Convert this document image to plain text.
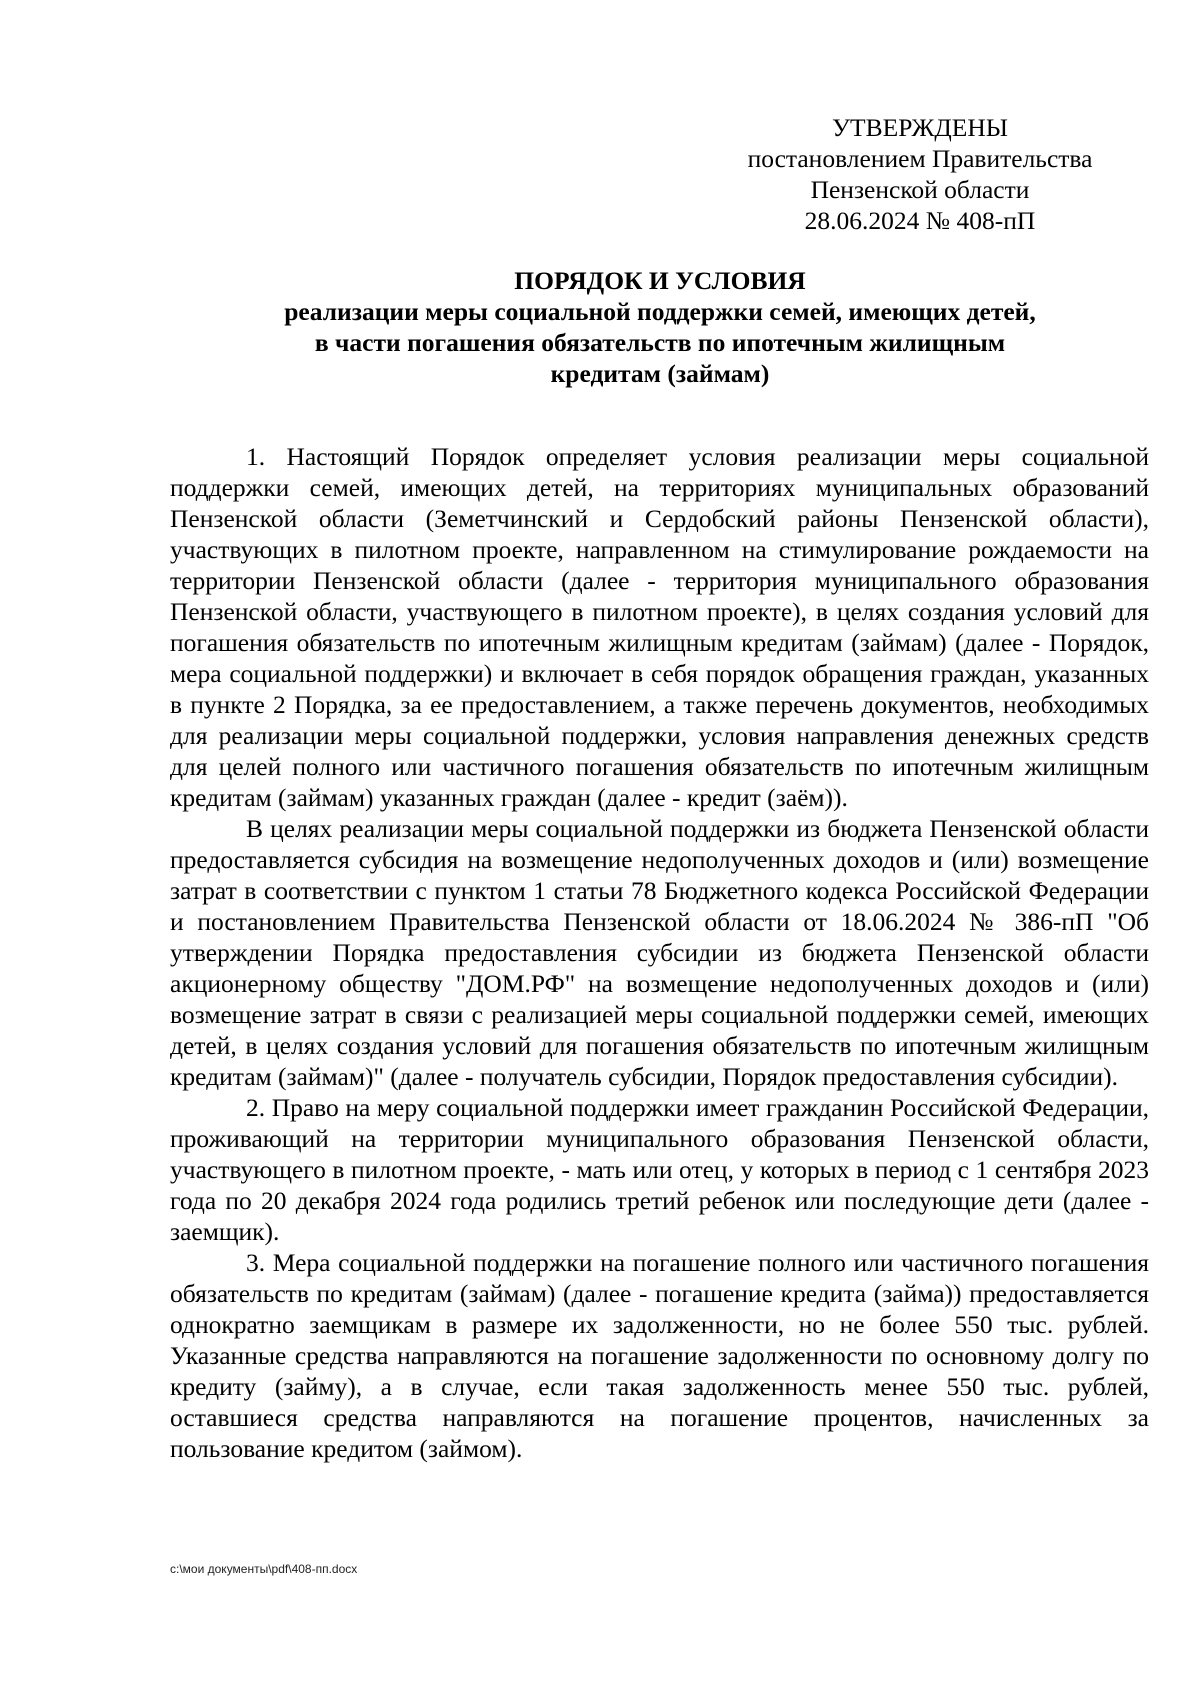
УТВЕРЖДЕНЫ
постановлением Правительства
Пензенской области
28.06.2024 № 408-пП
ПОРЯДОК И УСЛОВИЯ
реализации меры социальной поддержки семей, имеющих детей,
в части погашения обязательств по ипотечным жилищным
кредитам (займам)

1. Настоящий Порядок определяет условия реализации меры социальной поддержки семей, имеющих детей, на территориях муниципальных образований Пензенской области (Земетчинский и Сердобский районы Пензенской области), участвующих в пилотном проекте, направленном на стимулирование рождаемости на территории Пензенской области (далее - территория муниципального образования Пензенской области, участвующего в пилотном проекте), в целях создания условий для погашения обязательств по ипотечным жилищным кредитам (займам) (далее - Порядок, мера социальной поддержки) и включает в себя порядок обращения граждан, указанных в пункте 2 Порядка, за ее предоставлением, а также перечень документов, необходимых для реализации меры социальной поддержки, условия направления денежных средств для целей полного или частичного погашения обязательств по ипотечным жилищным кредитам (займам) указанных граждан (далее - кредит (заём)).

В целях реализации меры социальной поддержки из бюджета Пензенской области предоставляется субсидия на возмещение недополученных доходов и (или) возмещение затрат в соответствии с пунктом 1 статьи 78 Бюджетного кодекса Российской Федерации и постановлением Правительства Пензенской области от 18.06.2024 № 386-пП "Об утверждении Порядка предоставления субсидии из бюджета Пензенской области акционерному обществу "ДОМ.РФ" на возмещение недополученных доходов и (или) возмещение затрат в связи с реализацией меры социальной поддержки семей, имеющих детей, в целях создания условий для погашения обязательств по ипотечным жилищным кредитам (займам)" (далее - получатель субсидии, Порядок предоставления субсидии).

2. Право на меру социальной поддержки имеет гражданин Российской Федерации, проживающий на территории муниципального образования Пензенской области, участвующего в пилотном проекте, - мать или отец, у которых в период с 1 сентября 2023 года по 20 декабря 2024 года родились третий ребенок или последующие дети (далее - заемщик).

3. Мера социальной поддержки на погашение полного или частичного погашения обязательств по кредитам (займам) (далее - погашение кредита (займа)) предоставляется однократно заемщикам в размере их задолженности, но не более 550 тыс. рублей. Указанные средства направляются на погашение задолженности по основному долгу по кредиту (займу), а в случае, если такая задолженность менее 550 тыс. рублей, оставшиеся средства направляются на погашение процентов, начисленных за пользование кредитом (займом).

c:\мои документы\pdf\408-пп.docx
